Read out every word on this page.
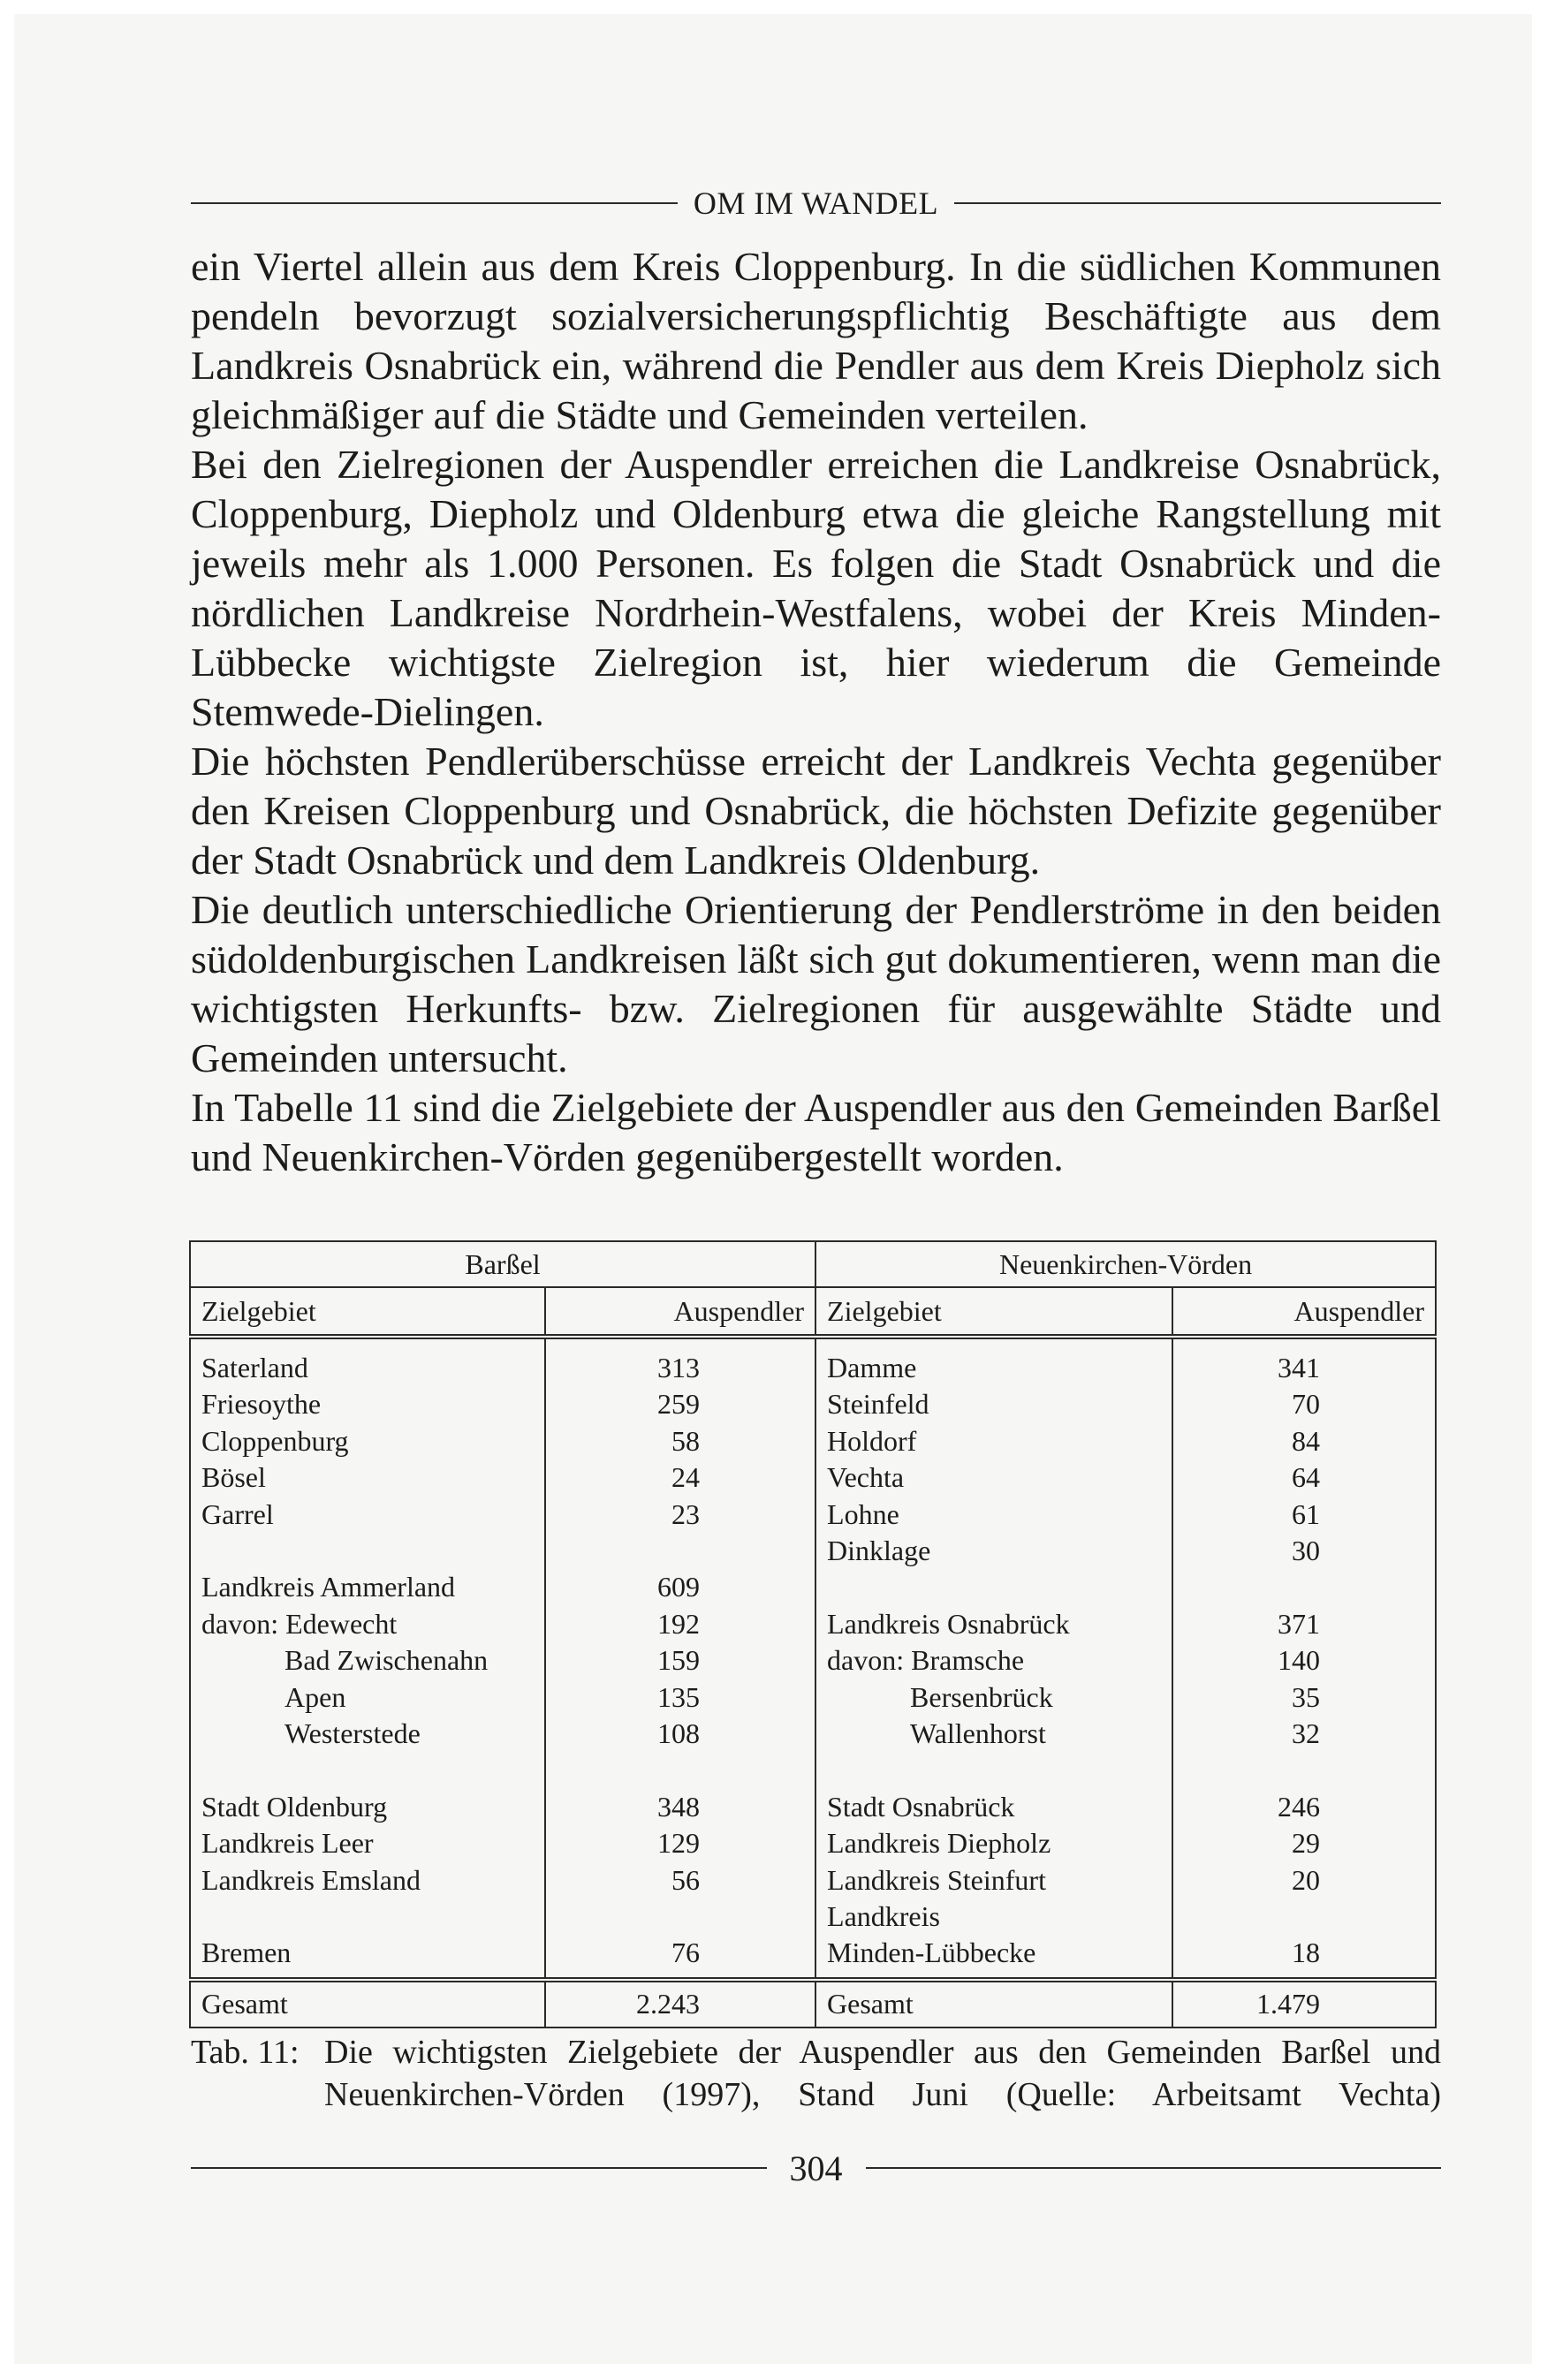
OM IM WANDEL

ein Viertel allein aus dem Kreis Cloppenburg. In die südlichen Kommunen pendeln bevorzugt sozialversicherungspflichtig Beschäftigte aus dem Landkreis Osnabrück ein, während die Pendler aus dem Kreis Diepholz sich gleichmäßiger auf die Städte und Gemeinden verteilen.

Bei den Zielregionen der Auspendler erreichen die Landkreise Osnabrück, Cloppenburg, Diepholz und Oldenburg etwa die gleiche Rangstellung mit jeweils mehr als 1.000 Personen. Es folgen die Stadt Osnabrück und die nördlichen Landkreise Nordrhein-Westfalens, wobei der Kreis Minden-Lübbecke wichtigste Zielregion ist, hier wiederum die Gemeinde Stemwede-Dielingen.

Die höchsten Pendlerüberschüsse erreicht der Landkreis Vechta gegenüber den Kreisen Cloppenburg und Osnabrück, die höchsten Defizite gegenüber der Stadt Osnabrück und dem Landkreis Oldenburg.

Die deutlich unterschiedliche Orientierung der Pendlerströme in den beiden südoldenburgischen Landkreisen läßt sich gut dokumentieren, wenn man die wichtigsten Herkunfts- bzw. Zielregionen für ausgewählte Städte und Gemeinden untersucht.

In Tabelle 11 sind die Zielgebiete der Auspendler aus den Gemeinden Barßel und Neuenkirchen-Vörden gegenübergestellt worden.

Barßel		Neuenkirchen-Vörden	
Zielgebiet	Auspendler	Zielgebiet	Auspendler
Saterland	313	Damme	341
Friesoythe	259	Steinfeld	70
Cloppenburg	58	Holdorf	84
Bösel	24	Vechta	64
Garrel	23	Lohne	61
		Dinklage	30
Landkreis Ammerland	609		
davon: Edewecht	192	Landkreis Osnabrück	371
Bad Zwischenahn	159	davon: Bramsche	140
Apen	135	Bersenbrück	35
Westerstede	108	Wallenhorst	32

Stadt Oldenburg	348	Stadt Osnabrück	246
Landkreis Leer	129	Landkreis Diepholz	29
Landkreis Emsland	56	Landkreis Steinfurt	20
		Landkreis	
Bremen	76	Minden-Lübbecke	18
Gesamt	2.243	Gesamt	1.479
Tab. 11: Die wichtigsten Zielgebiete der Auspendler aus den Gemeinden Barßel und Neuenkirchen-Vörden (1997), Stand Juni (Quelle: Arbeitsamt Vechta)
304
